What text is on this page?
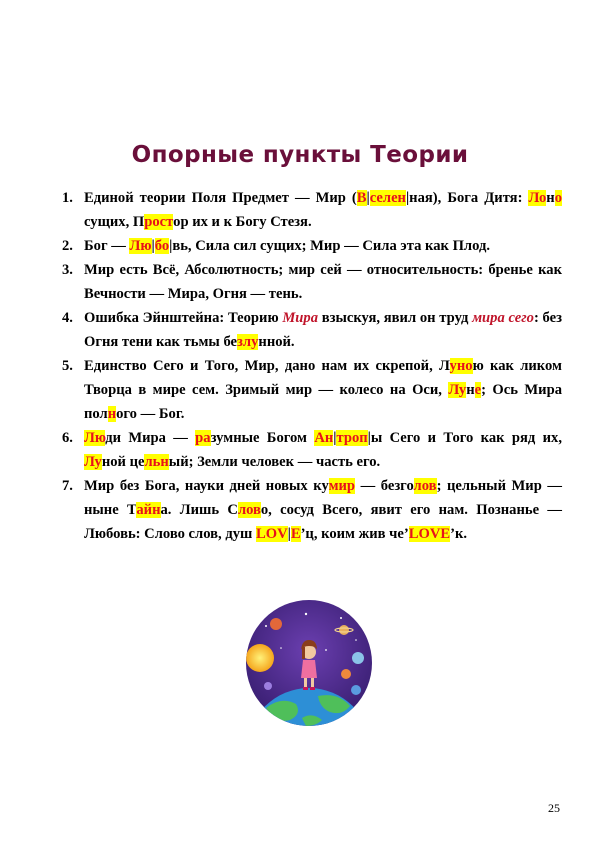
Опорные пункты Теории
1. Единой теории Поля Предмет — Мир (В|селен|ная), Бога Дитя: Лоно сущих, Простор их и к Богу Стезя.
2. Бог — Лю|бо|вь, Сила сил сущих; Мир — Сила эта как Плод.
3. Мир есть Всё, Абсолютность; мир сей — относительность: бренье как Вечности — Мира, Огня — тень.
4. Ошибка Эйнштейна: Теорию Мира взыскуя, явил он труд мира сего: без Огня тени как тьмы безлунной.
5. Единство Сего и Того, Мир, дано нам их скрепой, Луною как ликом Творца в мире сем. Зримый мир — колесо на Оси, Луне; Ось Мира полного — Бог.
6. Люди Мира — разумные Богом Ан|троп|ы Сего и Того как ряд их, Луной цельный; Земли человек — часть его.
7. Мир без Бога, науки дней новых кумир — безголов; цельный Мир — ныне Тайна. Лишь Слово, сосуд Всего, явит его нам. Познанье — Любовь: Слово слов, душ LOV|E’ц, коим жив че’LOVE’к.
25
